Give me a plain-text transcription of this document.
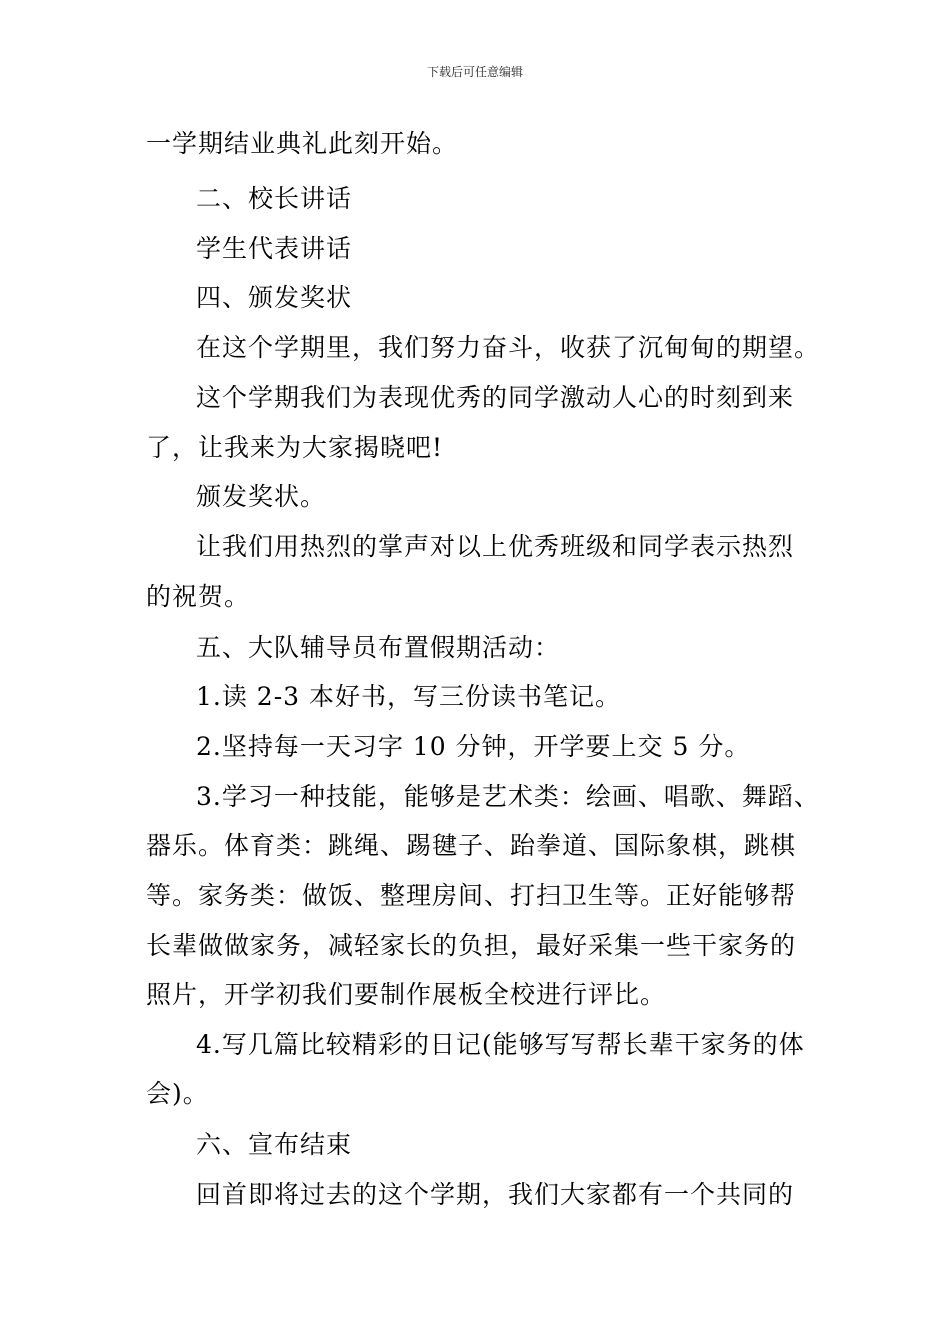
下载后可任意编辑
一学期结业典礼此刻开始。
二、校长讲话
学生代表讲话
四、颁发奖状
在这个学期里，我们努力奋斗，收获了沉甸甸的期望。
这个学期我们为表现优秀的同学激动人心的时刻到来
了，让我来为大家揭晓吧!
颁发奖状。
让我们用热烈的掌声对以上优秀班级和同学表示热烈
的祝贺。
五、大队辅导员布置假期活动：
1.读 2-3 本好书，写三份读书笔记。
2.坚持每一天习字 10 分钟，开学要上交 5 分。
3.学习一种技能，能够是艺术类：绘画、唱歌、舞蹈、
器乐。体育类：跳绳、踢毽子、跆拳道、国际象棋，跳棋
等。家务类：做饭、整理房间、打扫卫生等。正好能够帮
长辈做做家务，减轻家长的负担，最好采集一些干家务的
照片，开学初我们要制作展板全校进行评比。
4.写几篇比较精彩的日记(能够写写帮长辈干家务的体
会)。
六、宣布结束
回首即将过去的这个学期，我们大家都有一个共同的
